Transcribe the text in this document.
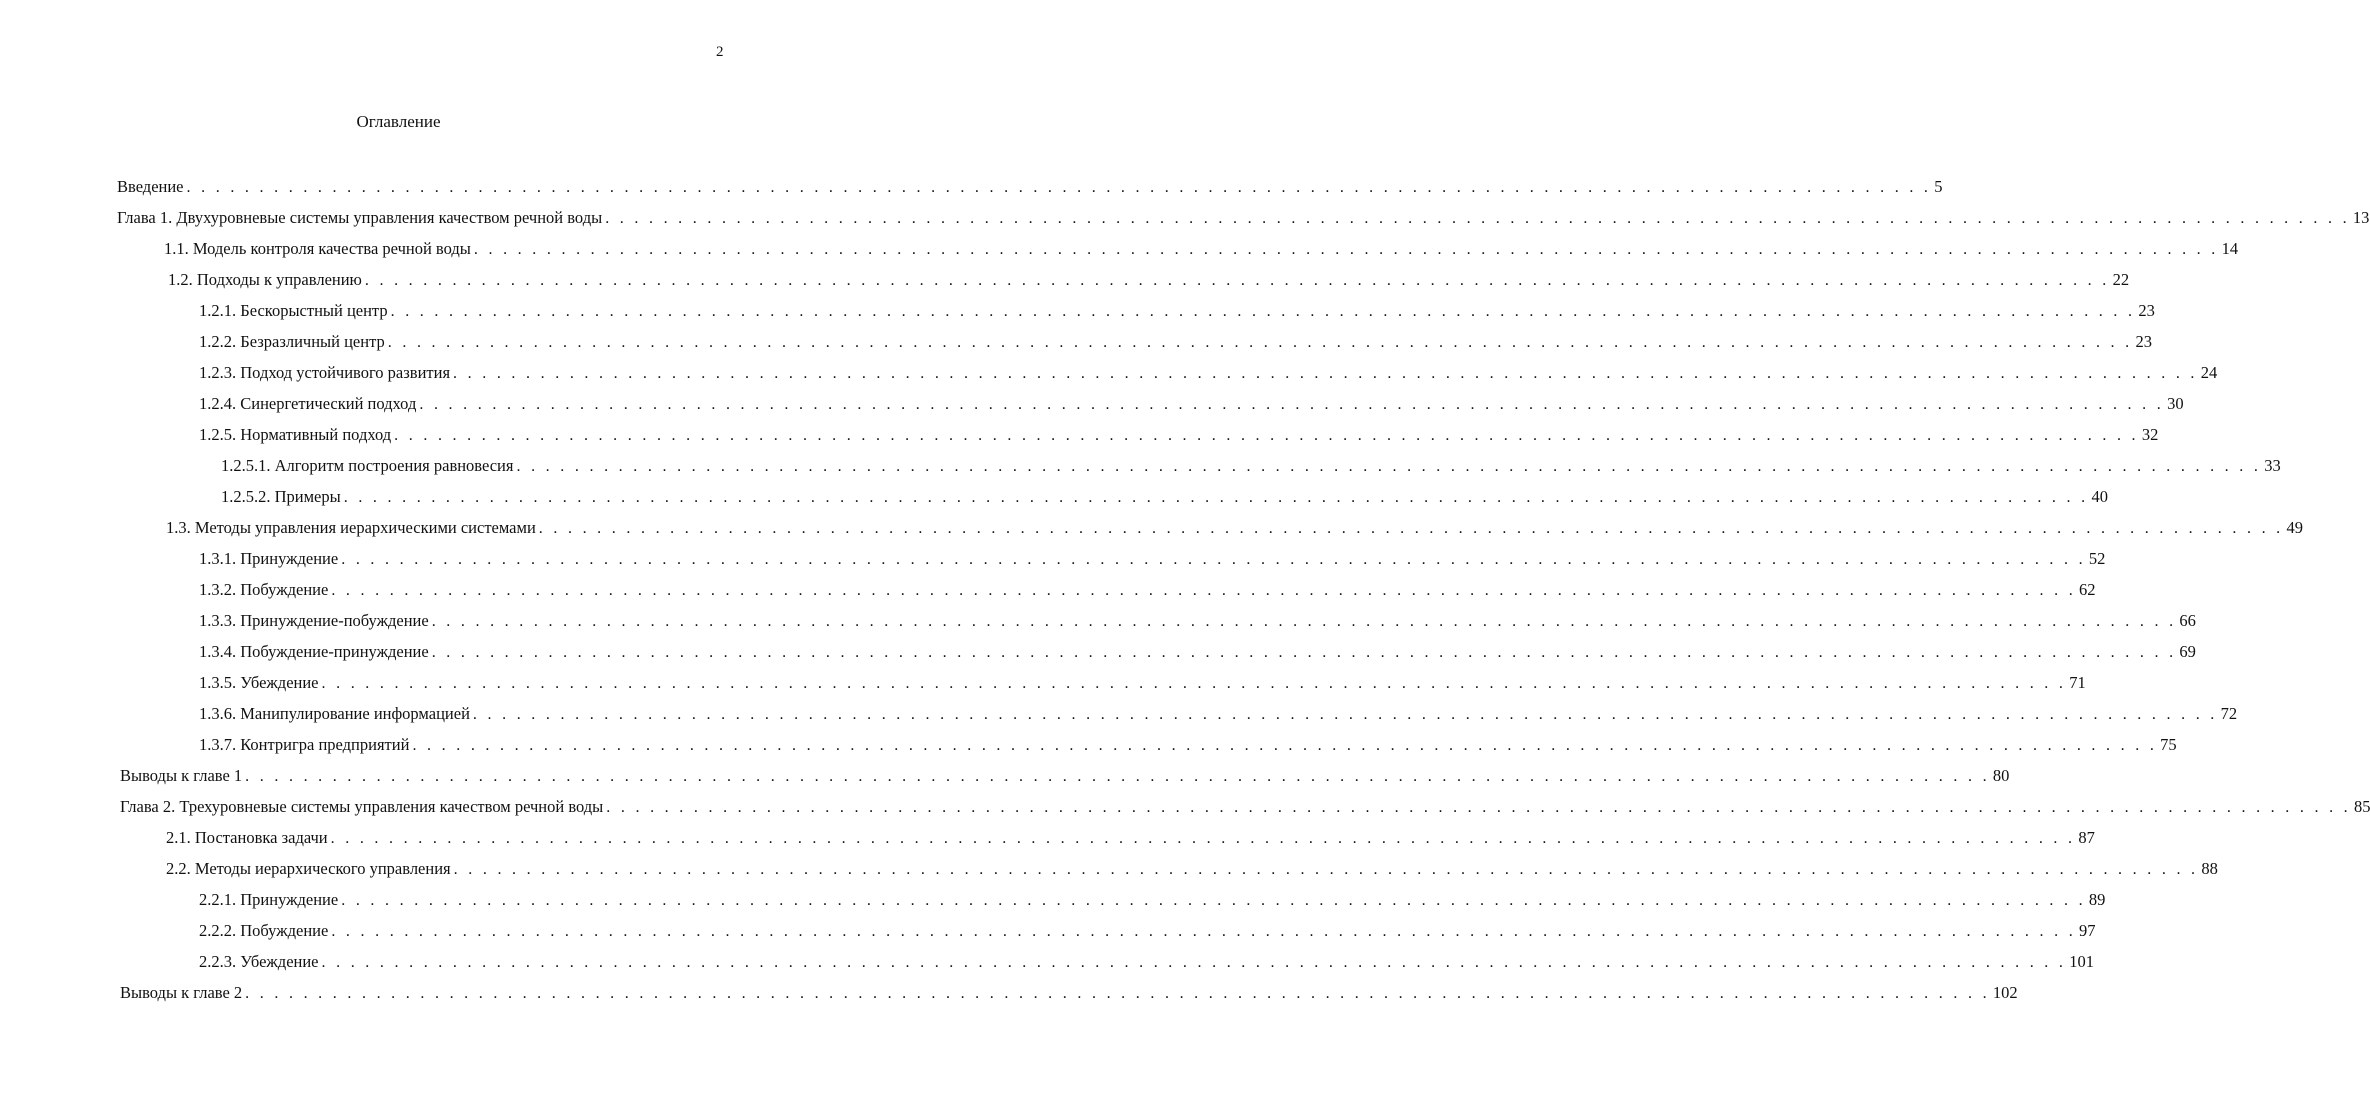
2
Оглавление
Введение . . . . . . . . . . . . . . . . . . . . . . . . . . . . . . . . . . . . . . . . . . . . . . . . . . . . . . . . . . . . . . . . . . . . . . . . . . . . . . . . . . . . . . . . . . . . . . . . . . . . . . . . . . . . . . . . . . . . . . . . 5
Глава 1. Двухуровневые системы управления качеством речной воды . . . . . . . . . . . . . . . . . . . . . . . . . . . . . . . . . . . . . . . . . . . . . . . . . . . . . . . . . . . . . . . . . . . . . . . . . . . . . . . . . . . . . . . . . . . . . . . . . . . . . . . . . . . . . . . . . . . . . . . . 13
1.1. Модель контроля качества речной воды . . . . . . . . . . . . . . . . . . . . . . . . . . . . . . . . . . . . . . . . . . . . . . . . . . . . . . . . . . . . . . . . . . . . . . . . . . . . . . . . . . . . . . . . . . . . . . . . . . . . . . . . . . . . . . . . . . . . . . . . 14
1.2. Подходы к управлению . . . . . . . . . . . . . . . . . . . . . . . . . . . . . . . . . . . . . . . . . . . . . . . . . . . . . . . . . . . . . . . . . . . . . . . . . . . . . . . . . . . . . . . . . . . . . . . . . . . . . . . . . . . . . . . . . . . . . . . . 22
1.2.1. Бескорыстный центр . . . . . . . . . . . . . . . . . . . . . . . . . . . . . . . . . . . . . . . . . . . . . . . . . . . . . . . . . . . . . . . . . . . . . . . . . . . . . . . . . . . . . . . . . . . . . . . . . . . . . . . . . . . . . . . . . . . . . . . . 23
1.2.2. Безразличный центр . . . . . . . . . . . . . . . . . . . . . . . . . . . . . . . . . . . . . . . . . . . . . . . . . . . . . . . . . . . . . . . . . . . . . . . . . . . . . . . . . . . . . . . . . . . . . . . . . . . . . . . . . . . . . . . . . . . . . . . . 23
1.2.3. Подход устойчивого развития . . . . . . . . . . . . . . . . . . . . . . . . . . . . . . . . . . . . . . . . . . . . . . . . . . . . . . . . . . . . . . . . . . . . . . . . . . . . . . . . . . . . . . . . . . . . . . . . . . . . . . . . . . . . . . . . . . . . . . . . 24
1.2.4. Синергетический подход . . . . . . . . . . . . . . . . . . . . . . . . . . . . . . . . . . . . . . . . . . . . . . . . . . . . . . . . . . . . . . . . . . . . . . . . . . . . . . . . . . . . . . . . . . . . . . . . . . . . . . . . . . . . . . . . . . . . . . . . 30
1.2.5. Нормативный подход . . . . . . . . . . . . . . . . . . . . . . . . . . . . . . . . . . . . . . . . . . . . . . . . . . . . . . . . . . . . . . . . . . . . . . . . . . . . . . . . . . . . . . . . . . . . . . . . . . . . . . . . . . . . . . . . . . . . . . . . 32
1.2.5.1. Алгоритм построения равновесия . . . . . . . . . . . . . . . . . . . . . . . . . . . . . . . . . . . . . . . . . . . . . . . . . . . . . . . . . . . . . . . . . . . . . . . . . . . . . . . . . . . . . . . . . . . . . . . . . . . . . . . . . . . . . . . . . . . . . . . . 33
1.2.5.2. Примеры . . . . . . . . . . . . . . . . . . . . . . . . . . . . . . . . . . . . . . . . . . . . . . . . . . . . . . . . . . . . . . . . . . . . . . . . . . . . . . . . . . . . . . . . . . . . . . . . . . . . . . . . . . . . . . . . . . . . . . . . 40
1.3. Методы управления иерархическими системами . . . . . . . . . . . . . . . . . . . . . . . . . . . . . . . . . . . . . . . . . . . . . . . . . . . . . . . . . . . . . . . . . . . . . . . . . . . . . . . . . . . . . . . . . . . . . . . . . . . . . . . . . . . . . . . . . . . . . . . . 49
1.3.1. Принуждение . . . . . . . . . . . . . . . . . . . . . . . . . . . . . . . . . . . . . . . . . . . . . . . . . . . . . . . . . . . . . . . . . . . . . . . . . . . . . . . . . . . . . . . . . . . . . . . . . . . . . . . . . . . . . . . . . . . . . . . . 52
1.3.2. Побуждение . . . . . . . . . . . . . . . . . . . . . . . . . . . . . . . . . . . . . . . . . . . . . . . . . . . . . . . . . . . . . . . . . . . . . . . . . . . . . . . . . . . . . . . . . . . . . . . . . . . . . . . . . . . . . . . . . . . . . . . . 62
1.3.3. Принуждение-побуждение . . . . . . . . . . . . . . . . . . . . . . . . . . . . . . . . . . . . . . . . . . . . . . . . . . . . . . . . . . . . . . . . . . . . . . . . . . . . . . . . . . . . . . . . . . . . . . . . . . . . . . . . . . . . . . . . . . . . . . . . 66
1.3.4. Побуждение-принуждение . . . . . . . . . . . . . . . . . . . . . . . . . . . . . . . . . . . . . . . . . . . . . . . . . . . . . . . . . . . . . . . . . . . . . . . . . . . . . . . . . . . . . . . . . . . . . . . . . . . . . . . . . . . . . . . . . . . . . . . . 69
1.3.5. Убеждение . . . . . . . . . . . . . . . . . . . . . . . . . . . . . . . . . . . . . . . . . . . . . . . . . . . . . . . . . . . . . . . . . . . . . . . . . . . . . . . . . . . . . . . . . . . . . . . . . . . . . . . . . . . . . . . . . . . . . . . . 71
1.3.6. Манипулирование информацией . . . . . . . . . . . . . . . . . . . . . . . . . . . . . . . . . . . . . . . . . . . . . . . . . . . . . . . . . . . . . . . . . . . . . . . . . . . . . . . . . . . . . . . . . . . . . . . . . . . . . . . . . . . . . . . . . . . . . . . . 72
1.3.7. Контригра предприятий . . . . . . . . . . . . . . . . . . . . . . . . . . . . . . . . . . . . . . . . . . . . . . . . . . . . . . . . . . . . . . . . . . . . . . . . . . . . . . . . . . . . . . . . . . . . . . . . . . . . . . . . . . . . . . . . . . . . . . . . 75
Выводы к главе 1 . . . . . . . . . . . . . . . . . . . . . . . . . . . . . . . . . . . . . . . . . . . . . . . . . . . . . . . . . . . . . . . . . . . . . . . . . . . . . . . . . . . . . . . . . . . . . . . . . . . . . . . . . . . . . . . . . . . . . . . . 80
Глава 2. Трехуровневые системы управления качеством речной воды . . . . . . . . . . . . . . . . . . . . . . . . . . . . . . . . . . . . . . . . . . . . . . . . . . . . . . . . . . . . . . . . . . . . . . . . . . . . . . . . . . . . . . . . . . . . . . . . . . . . . . . . . . . . . . . . . . . . . . . . 85
2.1. Постановка задачи . . . . . . . . . . . . . . . . . . . . . . . . . . . . . . . . . . . . . . . . . . . . . . . . . . . . . . . . . . . . . . . . . . . . . . . . . . . . . . . . . . . . . . . . . . . . . . . . . . . . . . . . . . . . . . . . . . . . . . . . 87
2.2. Методы иерархического управления . . . . . . . . . . . . . . . . . . . . . . . . . . . . . . . . . . . . . . . . . . . . . . . . . . . . . . . . . . . . . . . . . . . . . . . . . . . . . . . . . . . . . . . . . . . . . . . . . . . . . . . . . . . . . . . . . . . . . . . . 88
2.2.1. Принуждение . . . . . . . . . . . . . . . . . . . . . . . . . . . . . . . . . . . . . . . . . . . . . . . . . . . . . . . . . . . . . . . . . . . . . . . . . . . . . . . . . . . . . . . . . . . . . . . . . . . . . . . . . . . . . . . . . . . . . . . . 89
2.2.2. Побуждение . . . . . . . . . . . . . . . . . . . . . . . . . . . . . . . . . . . . . . . . . . . . . . . . . . . . . . . . . . . . . . . . . . . . . . . . . . . . . . . . . . . . . . . . . . . . . . . . . . . . . . . . . . . . . . . . . . . . . . . . 97
2.2.3. Убеждение . . . . . . . . . . . . . . . . . . . . . . . . . . . . . . . . . . . . . . . . . . . . . . . . . . . . . . . . . . . . . . . . . . . . . . . . . . . . . . . . . . . . . . . . . . . . . . . . . . . . . . . . . . . . . . . . . . . . . . . . 101
Выводы к главе 2 . . . . . . . . . . . . . . . . . . . . . . . . . . . . . . . . . . . . . . . . . . . . . . . . . . . . . . . . . . . . . . . . . . . . . . . . . . . . . . . . . . . . . . . . . . . . . . . . . . . . . . . . . . . . . . . . . . . . . . . . 102
